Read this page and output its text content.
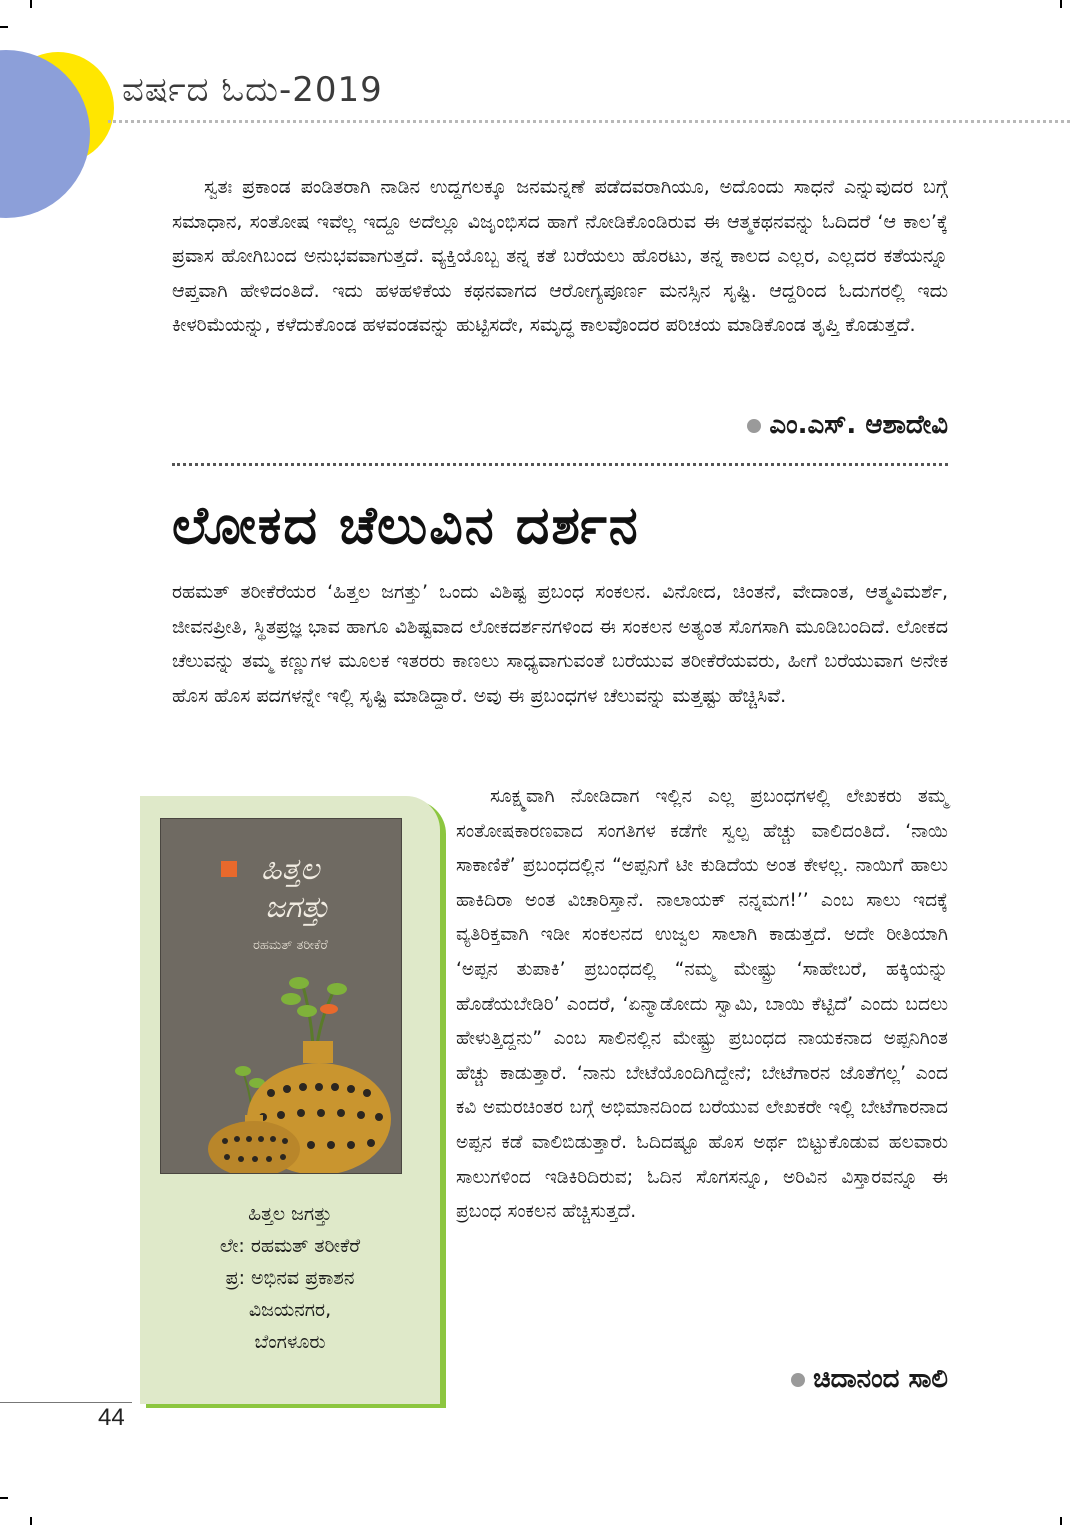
ವರ್ಷದ ಓದು-2019

ಸ್ವತಃ ಪ್ರಕಾಂಡ ಪಂಡಿತರಾಗಿ ನಾಡಿನ ಉದ್ದಗಲಕ್ಕೂ ಜನಮನ್ನಣೆ ಪಡೆದವರಾಗಿಯೂ, ಅದೊಂದು ಸಾಧನೆ ಎನ್ನುವುದರ ಬಗ್ಗೆ ಸಮಾಧಾನ, ಸಂತೋಷ ಇವೆಲ್ಲ ಇದ್ದೂ ಅದೆಲ್ಲೂ ವಿಜೃಂಭಿಸದ ಹಾಗೆ ನೋಡಿಕೊಂಡಿರುವ ಈ ಆತ್ಮಕಥನವನ್ನು ಓದಿದರೆ ‘ಆ ಕಾಲ’ಕ್ಕೆ ಪ್ರವಾಸ ಹೋಗಿಬಂದ ಅನುಭವವಾಗುತ್ತದೆ. ವ್ಯಕ್ತಿಯೊಬ್ಬ ತನ್ನ ಕತೆ ಬರೆಯಲು ಹೊರಟು, ತನ್ನ ಕಾಲದ ಎಲ್ಲರ, ಎಲ್ಲದರ ಕತೆಯನ್ನೂ ಆಪ್ತವಾಗಿ ಹೇಳಿದಂತಿದೆ. ಇದು ಹಳಹಳಿಕೆಯ ಕಥನವಾಗದ ಆರೋಗ್ಯಪೂರ್ಣ ಮನಸ್ಸಿನ ಸೃಷ್ಟಿ. ಆದ್ದರಿಂದ ಓದುಗರಲ್ಲಿ ಇದು ಕೀಳರಿಮೆಯನ್ನು, ಕಳೆದುಕೊಂಡ ಹಳವಂಡವನ್ನು ಹುಟ್ಟಿಸದೇ, ಸಮೃದ್ಧ ಕಾಲವೊಂದರ ಪರಿಚಯ ಮಾಡಿಕೊಂಡ ತೃಪ್ತಿ ಕೊಡುತ್ತದೆ.

ಎಂ.ಎಸ್. ಆಶಾದೇವಿ
ಲೋಕದ ಚೆಲುವಿನ ದರ್ಶನ

ರಹಮತ್ ತರೀಕೆರೆಯರ ‘ಹಿತ್ತಲ ಜಗತ್ತು’ ಒಂದು ವಿಶಿಷ್ಟ ಪ್ರಬಂಧ ಸಂಕಲನ. ವಿನೋದ, ಚಿಂತನೆ, ವೇದಾಂತ, ಆತ್ಮವಿಮರ್ಶೆ, ಜೀವನಪ್ರೀತಿ, ಸ್ಥಿತಪ್ರಜ್ಞ ಭಾವ ಹಾಗೂ ವಿಶಿಷ್ಟವಾದ ಲೋಕದರ್ಶನಗಳಿಂದ ಈ ಸಂಕಲನ ಅತ್ಯಂತ ಸೊಗಸಾಗಿ ಮೂಡಿಬಂದಿದೆ. ಲೋಕದ ಚೆಲುವನ್ನು ತಮ್ಮ ಕಣ್ಣುಗಳ ಮೂಲಕ ಇತರರು ಕಾಣಲು ಸಾಧ್ಯವಾಗುವಂತೆ ಬರೆಯುವ ತರೀಕೆರೆಯವರು, ಹೀಗೆ ಬರೆಯುವಾಗ ಅನೇಕ ಹೊಸ ಹೊಸ ಪದಗಳನ್ನೇ ಇಲ್ಲಿ ಸೃಷ್ಟಿ ಮಾಡಿದ್ದಾರೆ. ಅವು ಈ ಪ್ರಬಂಧಗಳ ಚೆಲುವನ್ನು ಮತ್ತಷ್ಟು ಹೆಚ್ಚಿಸಿವೆ.

ಹಿತ್ತಲ
ಜಗತ್ತು
ರಹಮತ್ ತರೀಕೆರೆ
ಹಿತ್ತಲ ಜಗತ್ತು
ಲೇ: ರಹಮತ್ ತರೀಕೆರೆ
ಪ್ರ: ಅಭಿನವ ಪ್ರಕಾಶನ
ವಿಜಯನಗರ,
ಬೆಂಗಳೂರು

ಸೂಕ್ಷ್ಮವಾಗಿ ನೋಡಿದಾಗ ಇಲ್ಲಿನ ಎಲ್ಲ ಪ್ರಬಂಧಗಳಲ್ಲಿ ಲೇಖಕರು ತಮ್ಮ ಸಂತೋಷಕಾರಣವಾದ ಸಂಗತಿಗಳ ಕಡೆಗೇ ಸ್ವಲ್ಪ ಹೆಚ್ಚು ವಾಲಿದಂತಿದೆ. ‘ನಾಯಿ ಸಾಕಾಣಿಕೆ’ ಪ್ರಬಂಧದಲ್ಲಿನ “ಅಪ್ಪನಿಗೆ ಟೀ ಕುಡಿದೆಯ ಅಂತ ಕೇಳಲ್ಲ. ನಾಯಿಗೆ ಹಾಲು ಹಾಕಿದಿರಾ ಅಂತ ವಿಚಾರಿಸ್ತಾನೆ. ನಾಲಾಯಕ್ ನನ್ನಮಗ!’’ ಎಂಬ ಸಾಲು ಇದಕ್ಕೆ ವ್ಯತಿರಿಕ್ತವಾಗಿ ಇಡೀ ಸಂಕಲನದ ಉಜ್ವಲ ಸಾಲಾಗಿ ಕಾಡುತ್ತದೆ. ಅದೇ ರೀತಿಯಾಗಿ ‘ಅಪ್ಪನ ತುಪಾಕಿ’ ಪ್ರಬಂಧದಲ್ಲಿ “ನಮ್ಮ ಮೇಷ್ಟ್ರು ‘ಸಾಹೇಬರೆ, ಹಕ್ಕಿಯನ್ನು ಹೊಡೆಯಬೇಡಿರಿ’ ಎಂದರೆ, ‘ಏನ್ಮಾಡೋದು ಸ್ವಾಮಿ, ಬಾಯಿ ಕೆಟ್ಟಿದೆ’ ಎಂದು ಬದಲು ಹೇಳುತ್ತಿದ್ದನು” ಎಂಬ ಸಾಲಿನಲ್ಲಿನ ಮೇಷ್ಟ್ರು ಪ್ರಬಂಧದ ನಾಯಕನಾದ ಅಪ್ಪನಿಗಿಂತ ಹೆಚ್ಚು ಕಾಡುತ್ತಾರೆ. ‘ನಾನು ಬೇಟೆಯೊಂದಿಗಿದ್ದೇನೆ; ಬೇಟೆಗಾರನ ಜೊತೆಗಲ್ಲ’ ಎಂದ ಕವಿ ಅಮರಚಿಂತರ ಬಗ್ಗೆ ಅಭಿಮಾನದಿಂದ ಬರೆಯುವ ಲೇಖಕರೇ ಇಲ್ಲಿ ಬೇಟೆಗಾರನಾದ ಅಪ್ಪನ ಕಡೆ ವಾಲಿಬಿಡುತ್ತಾರೆ. ಓದಿದಷ್ಟೂ ಹೊಸ ಅರ್ಥ ಬಿಟ್ಟುಕೊಡುವ ಹಲವಾರು ಸಾಲುಗಳಿಂದ ಇಡಿಕಿರಿದಿರುವ; ಓದಿನ ಸೊಗಸನ್ನೂ, ಅರಿವಿನ ವಿಸ್ತಾರವನ್ನೂ ಈ ಪ್ರಬಂಧ ಸಂಕಲನ ಹೆಚ್ಚಿಸುತ್ತದೆ.

ಚಿದಾನಂದ ಸಾಲಿ
44
